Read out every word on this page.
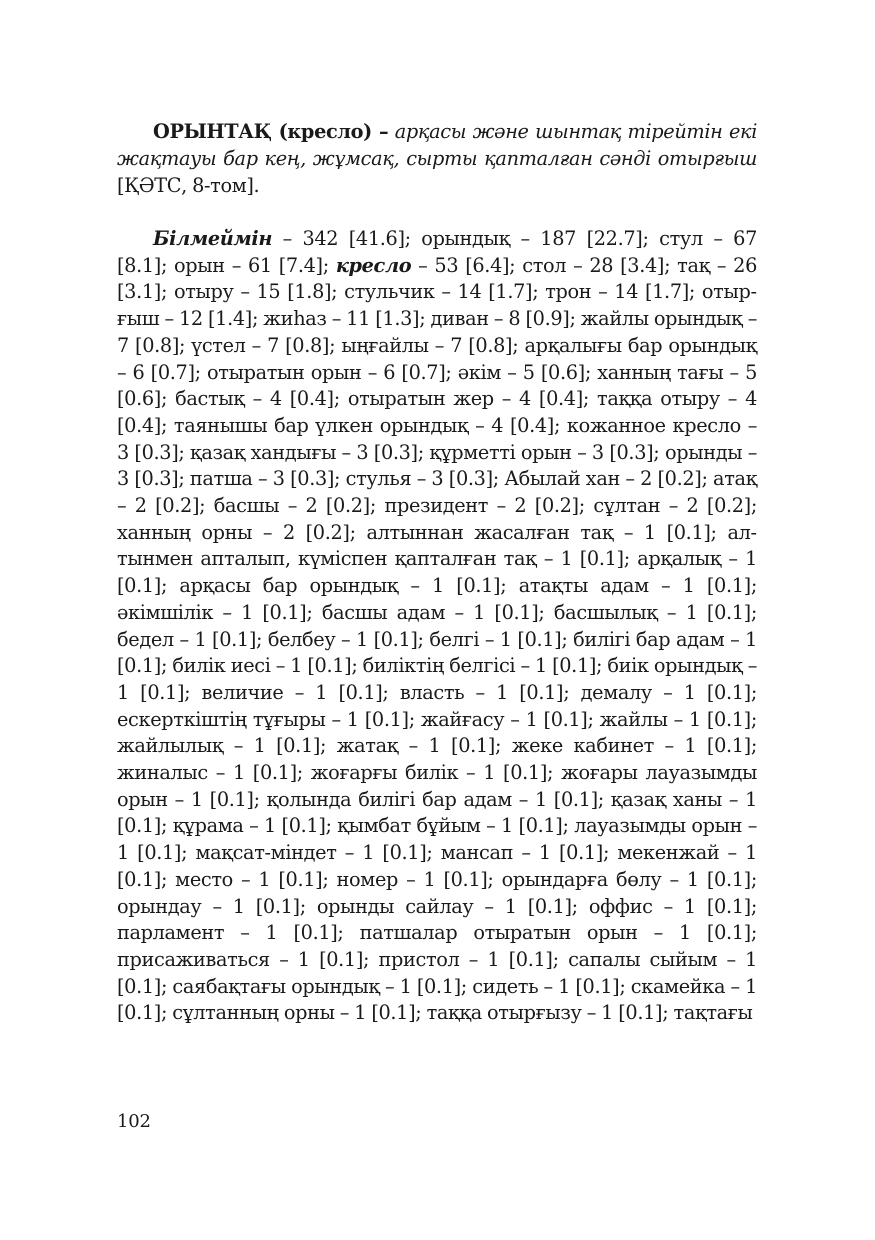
ОРЫНТАҚ (кресло) – арқасы және шынтақ тірейтін екі жақтауы бар кең, жұмсақ, сырты қапталған сәнді отырғыш [ҚӘТС, 8-том].

Білмеймін – 342 [41.6]; орындық – 187 [22.7]; стул – 67 [8.1]; орын – 61 [7.4]; кресло – 53 [6.4]; стол – 28 [3.4]; тақ – 26 [3.1]; отыру – 15 [1.8]; стульчик – 14 [1.7]; трон – 14 [1.7]; отырғыш – 12 [1.4]; жиһаз – 11 [1.3]; диван – 8 [0.9]; жайлы орындық – 7 [0.8]; үстел – 7 [0.8]; ыңғайлы – 7 [0.8]; арқалығы бар орындық – 6 [0.7]; отыратын орын – 6 [0.7]; әкім – 5 [0.6]; ханның тағы – 5 [0.6]; бастық – 4 [0.4]; отыратын жер – 4 [0.4]; таққа отыру – 4 [0.4]; таянышы бар үлкен орындық – 4 [0.4]; кожанное кресло – 3 [0.3]; қазақ хандығы – 3 [0.3]; құрметті орын – 3 [0.3]; орынды – 3 [0.3]; патша – 3 [0.3]; стулья – 3 [0.3]; Абылай хан – 2 [0.2]; атақ – 2 [0.2]; басшы – 2 [0.2]; президент – 2 [0.2]; сұлтан – 2 [0.2]; ханның орны – 2 [0.2]; алтыннан жасалған тақ – 1 [0.1]; алтынмен апталып, күміспен қапталған тақ – 1 [0.1]; арқалық – 1 [0.1]; арқасы бар орындық – 1 [0.1]; атақты адам – 1 [0.1]; әкімшілік – 1 [0.1]; басшы адам – 1 [0.1]; басшылық – 1 [0.1]; бедел – 1 [0.1]; белбеу – 1 [0.1]; белгі – 1 [0.1]; билігі бар адам – 1 [0.1]; билік иесі – 1 [0.1]; биліктің белгісі – 1 [0.1]; биік орындық – 1 [0.1]; величие – 1 [0.1]; власть – 1 [0.1]; демалу – 1 [0.1]; ескерткіштің тұғыры – 1 [0.1]; жайғасу – 1 [0.1]; жайлы – 1 [0.1]; жайлылық – 1 [0.1]; жатақ – 1 [0.1]; жеке кабинет – 1 [0.1]; жиналыс – 1 [0.1]; жоғарғы билік – 1 [0.1]; жоғары лауазымды орын – 1 [0.1]; қолында билігі бар адам – 1 [0.1]; қазақ ханы – 1 [0.1]; құрама – 1 [0.1]; қымбат бұйым – 1 [0.1]; лауазымды орын – 1 [0.1]; мақсат-міндет – 1 [0.1]; мансап – 1 [0.1]; мекенжай – 1 [0.1]; место – 1 [0.1]; номер – 1 [0.1]; орындарға бөлу – 1 [0.1]; орындау – 1 [0.1]; орынды сайлау – 1 [0.1]; оффис – 1 [0.1]; парламент – 1 [0.1]; патшалар отыратын орын – 1 [0.1]; присаживаться – 1 [0.1]; пристол – 1 [0.1]; сапалы сыйым – 1 [0.1]; саябақтағы орындық – 1 [0.1]; сидеть – 1 [0.1]; скамейка – 1 [0.1]; сұлтанның орны – 1 [0.1]; таққа отырғызу – 1 [0.1]; тақтағы

102
